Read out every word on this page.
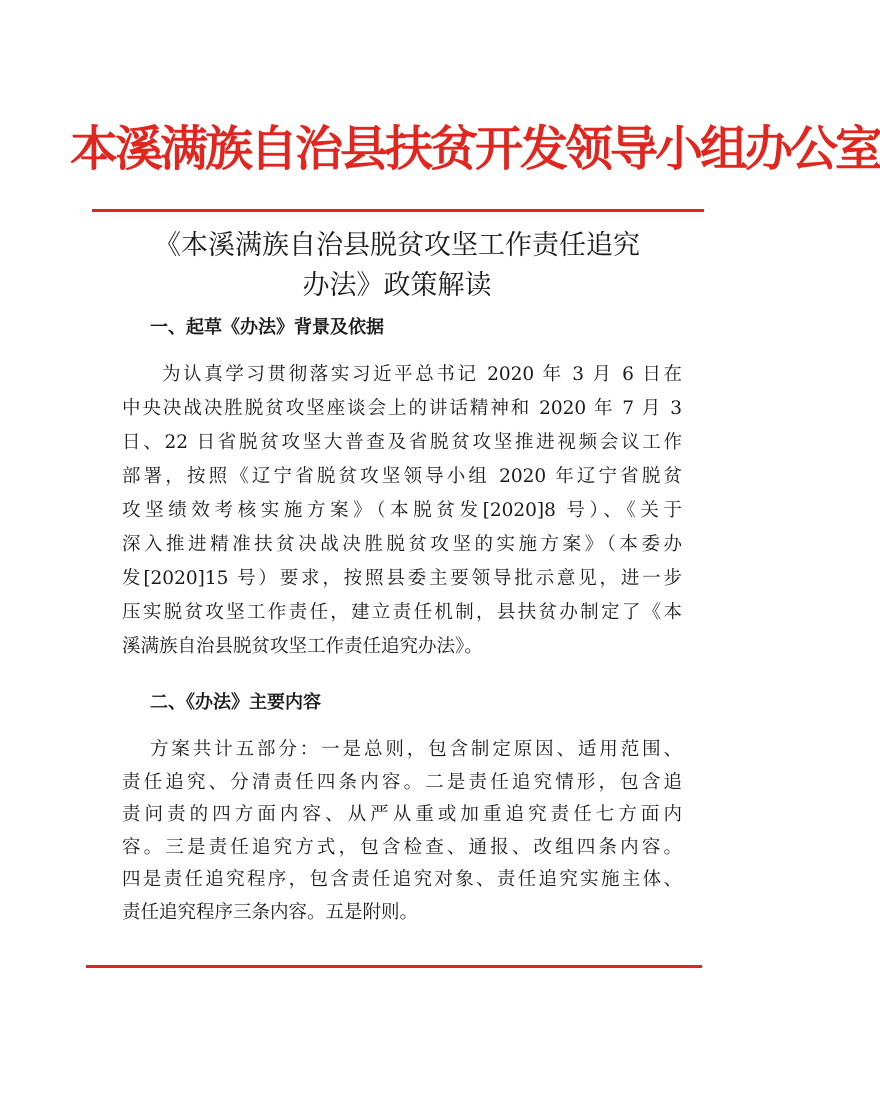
本溪满族自治县扶贫开发领导小组办公室
《本溪满族自治县脱贫攻坚工作责任追究
办法》政策解读
一、起草《办法》背景及依据
为认真学习贯彻落实习近平总书记 2020 年 3 月 6 日在
中央决战决胜脱贫攻坚座谈会上的讲话精神和 2020 年 7 月 3
日、22 日省脱贫攻坚大普查及省脱贫攻坚推进视频会议工作
部署，按照《辽宁省脱贫攻坚领导小组 2020 年辽宁省脱贫
攻坚绩效考核实施方案》（本脱贫发[2020]8 号）、《关于
深入推进精准扶贫决战决胜脱贫攻坚的实施方案》（本委办
发[2020]15 号）要求，按照县委主要领导批示意见，进一步
压实脱贫攻坚工作责任，建立责任机制，县扶贫办制定了《本
溪满族自治县脱贫攻坚工作责任追究办法》。
二、《办法》主要内容
方案共计五部分：一是总则，包含制定原因、适用范围、
责任追究、分清责任四条内容。二是责任追究情形，包含追
责问责的四方面内容、从严从重或加重追究责任七方面内
容。三是责任追究方式，包含检查、通报、改组四条内容。
四是责任追究程序，包含责任追究对象、责任追究实施主体、
责任追究程序三条内容。五是附则。
